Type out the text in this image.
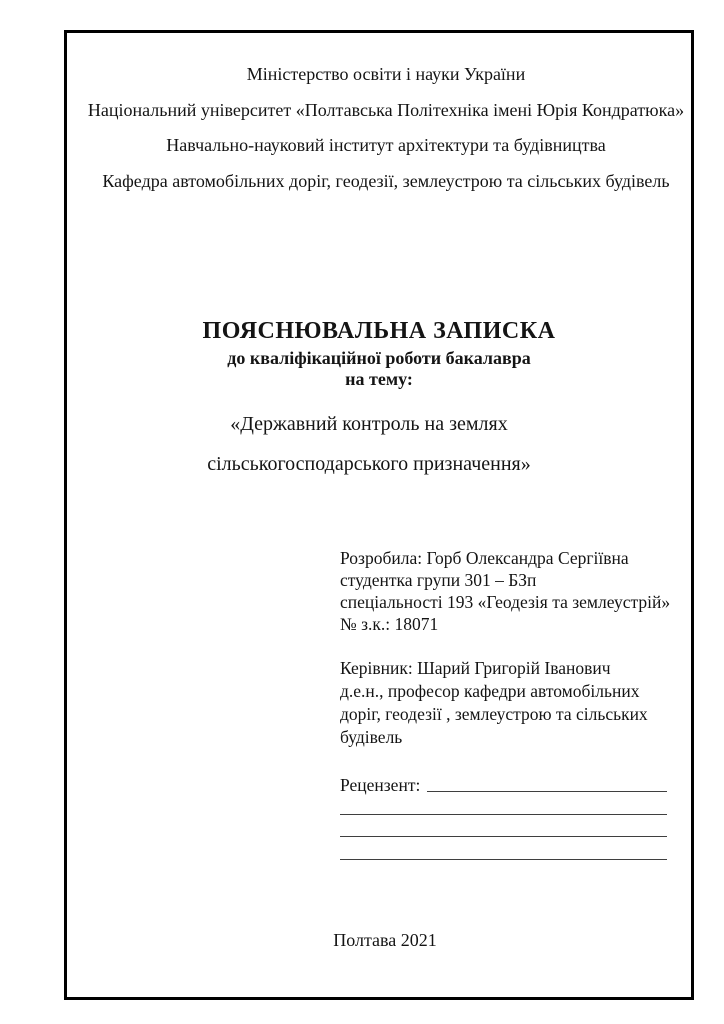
Міністерство освіти і науки України
Національний університет «Полтавська Політехніка імені Юрія Кондратюка»
Навчально-науковий інститут архітектури та будівництва
Кафедра автомобільних доріг, геодезії, землеустрою та сільських будівель
ПОЯСНЮВАЛЬНА ЗАПИСКА
до кваліфікаційної роботи бакалавра
на тему:
«Державний контроль на землях
сільськогосподарського призначення»
Розробила: Горб Олександра Сергіївна
студентка групи 301 – БЗп
спеціальності 193 «Геодезія та землеустрій»
№ з.к.: 18071
Керівник: Шарий Григорій Іванович
д.е.н., професор кафедри автомобільних
доріг, геодезії , землеустрою та сільських
будівель
Рецензент:
Полтава 2021
